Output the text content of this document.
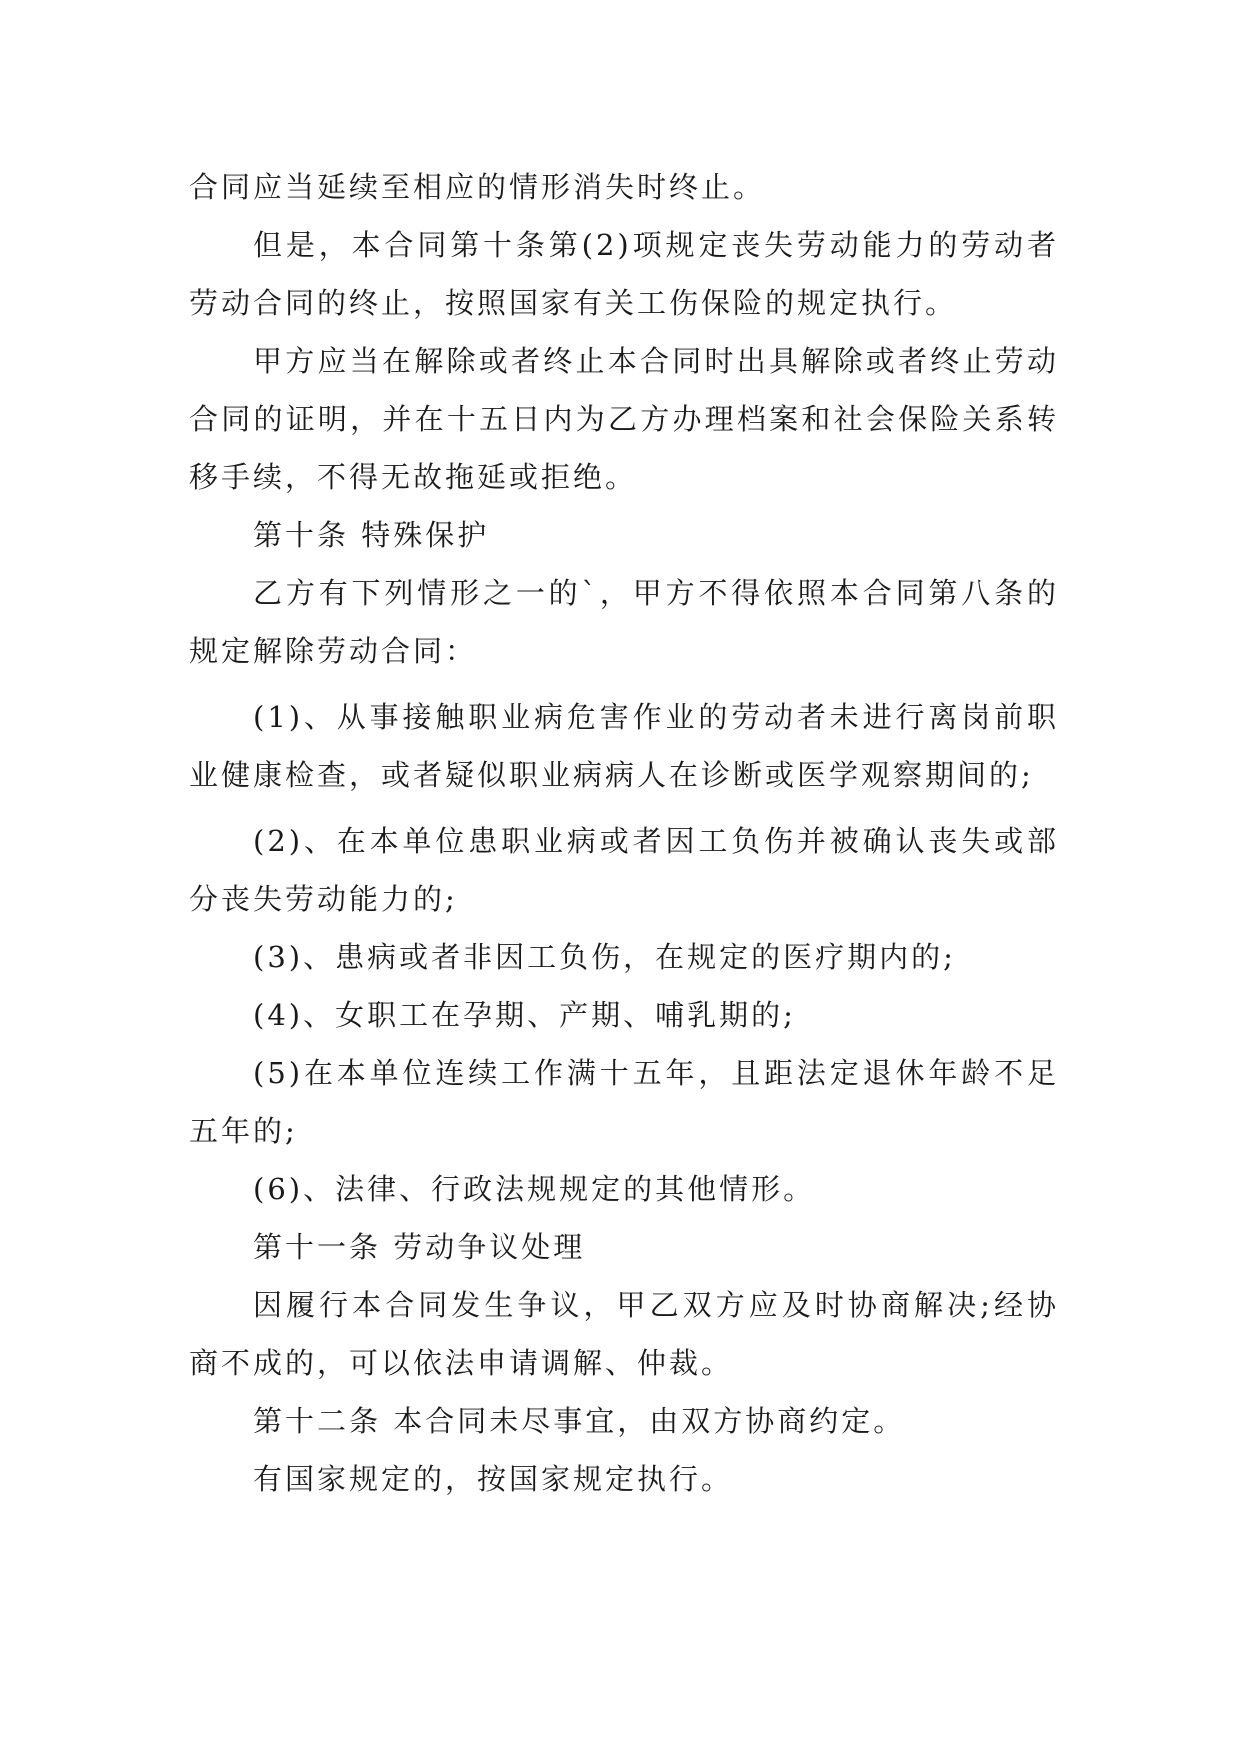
合同应当延续至相应的情形消失时终止。

但是，本合同第十条第(2)项规定丧失劳动能力的劳动者劳动合同的终止，按照国家有关工伤保险的规定执行。

甲方应当在解除或者终止本合同时出具解除或者终止劳动合同的证明，并在十五日内为乙方办理档案和社会保险关系转移手续，不得无故拖延或拒绝。

第十条 特殊保护

乙方有下列情形之一的`，甲方不得依照本合同第八条的规定解除劳动合同：

(1)、从事接触职业病危害作业的劳动者未进行离岗前职业健康检查，或者疑似职业病病人在诊断或医学观察期间的;

(2)、在本单位患职业病或者因工负伤并被确认丧失或部分丧失劳动能力的;

(3)、患病或者非因工负伤，在规定的医疗期内的;

(4)、女职工在孕期、产期、哺乳期的;

(5)在本单位连续工作满十五年，且距法定退休年龄不足五年的;

(6)、法律、行政法规规定的其他情形。

第十一条 劳动争议处理

因履行本合同发生争议，甲乙双方应及时协商解决;经协商不成的，可以依法申请调解、仲裁。

第十二条 本合同未尽事宜，由双方协商约定。

有国家规定的，按国家规定执行。
